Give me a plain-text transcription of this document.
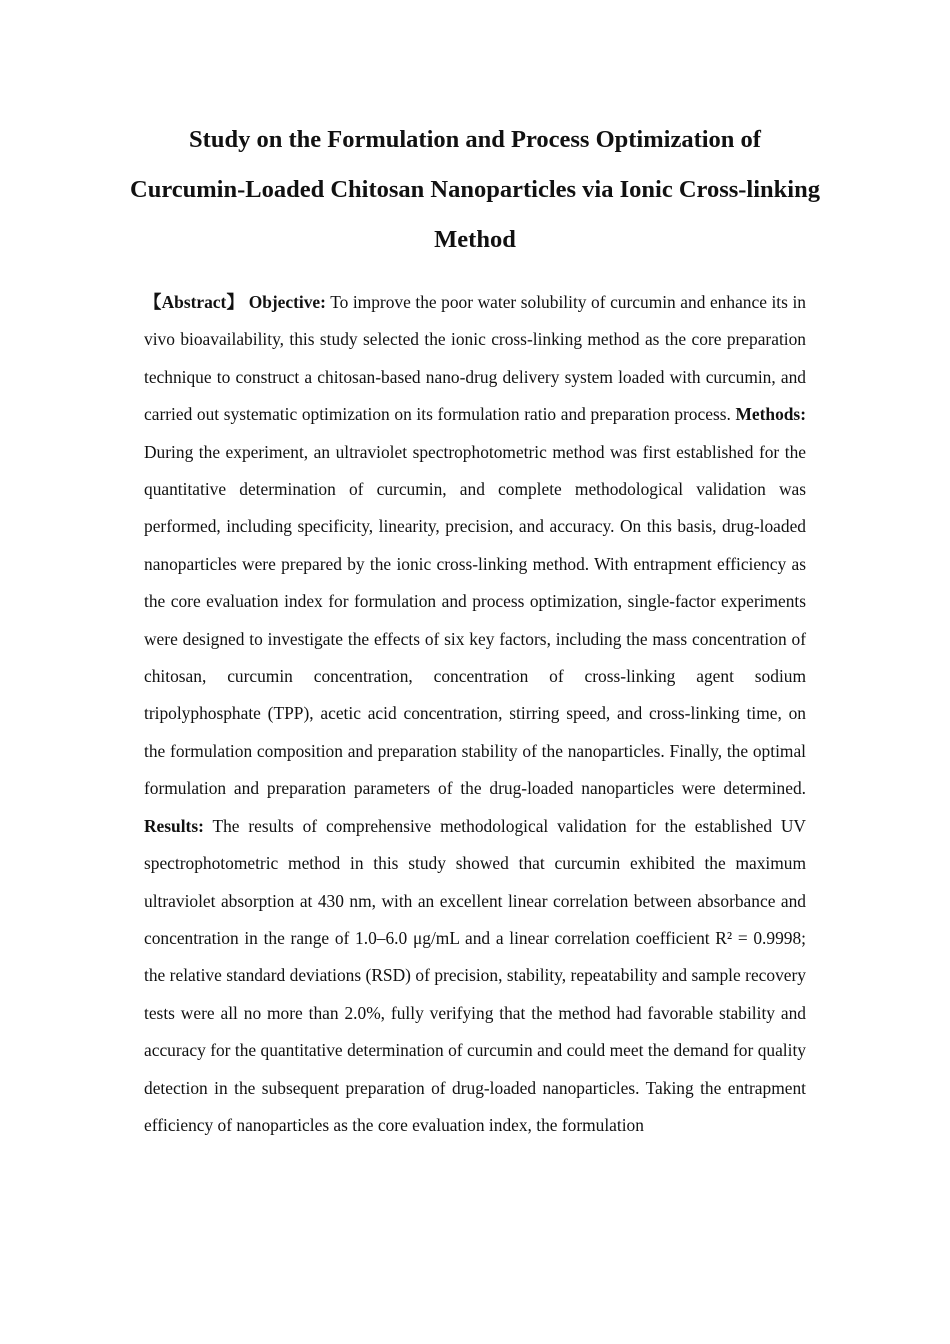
Study on the Formulation and Process Optimization of Curcumin-Loaded Chitosan Nanoparticles via Ionic Cross-linking Method

【Abstract】 Objective: To improve the poor water solubility of curcumin and enhance its in vivo bioavailability, this study selected the ionic cross-linking method as the core preparation technique to construct a chitosan-based nano-drug delivery system loaded with curcumin, and carried out systematic optimization on its formulation ratio and preparation process. Methods: During the experiment, an ultraviolet spectrophotometric method was first established for the quantitative determination of curcumin, and complete methodological validation was performed, including specificity, linearity, precision, and accuracy. On this basis, drug-loaded nanoparticles were prepared by the ionic cross-linking method. With entrapment efficiency as the core evaluation index for formulation and process optimization, single-factor experiments were designed to investigate the effects of six key factors, including the mass concentration of chitosan, curcumin concentration, concentration of cross-linking agent sodium tripolyphosphate (TPP), acetic acid concentration, stirring speed, and cross-linking time, on the formulation composition and preparation stability of the nanoparticles. Finally, the optimal formulation and preparation parameters of the drug-loaded nanoparticles were determined. Results: The results of comprehensive methodological validation for the established UV spectrophotometric method in this study showed that curcumin exhibited the maximum ultraviolet absorption at 430 nm, with an excellent linear correlation between absorbance and concentration in the range of 1.0–6.0 μg/mL and a linear correlation coefficient R² = 0.9998; the relative standard deviations (RSD) of precision, stability, repeatability and sample recovery tests were all no more than 2.0%, fully verifying that the method had favorable stability and accuracy for the quantitative determination of curcumin and could meet the demand for quality detection in the subsequent preparation of drug-loaded nanoparticles. Taking the entrapment efficiency of nanoparticles as the core evaluation index, the formulation
